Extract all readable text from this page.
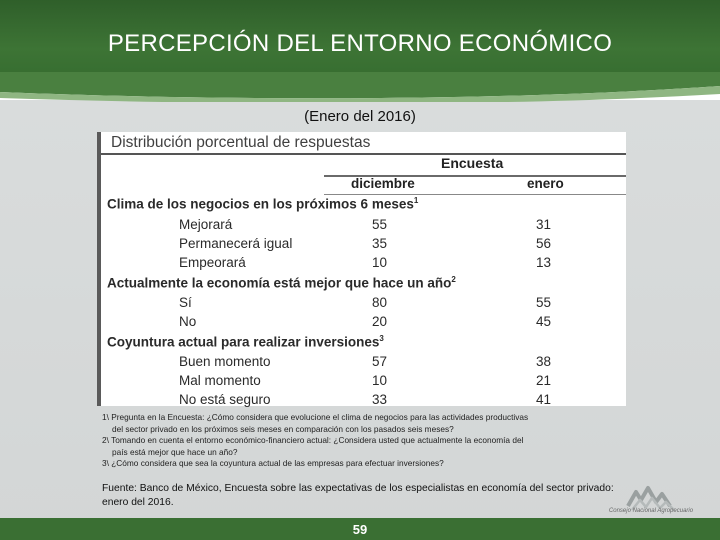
PERCEPCIÓN DEL ENTORNO ECONÓMICO
(Enero del 2016)
Distribución porcentual de respuestas
Encuesta
diciembre	enero
Clima de los negocios en los próximos 6 meses$^1$
Mejorará	55	31
Permanecerá igual	35	56
Empeorará	10	13
Actualmente la economía está mejor que hace un año$^2$
Sí	80	55
No	20	45
Coyuntura actual para realizar inversiones$^3$
Buen momento	57	38
Mal momento	10	21
No está seguro	33	41
1\ Pregunta en la Encuesta: ¿Cómo considera que evolucione el clima de negocios para las actividades productivas
del sector privado en los próximos seis meses en comparación con los pasados seis meses?
2\ Tomando en cuenta el entorno económico-financiero actual: ¿Considera usted que actualmente la economía del
país está mejor que hace un año?
3\ ¿Cómo considera que sea la coyuntura actual de las empresas para efectuar inversiones?
Fuente: Banco de México, Encuesta sobre las expectativas de los especialistas en economía del sector privado: enero del 2016.
Consejo Nacional Agropecuario
59
